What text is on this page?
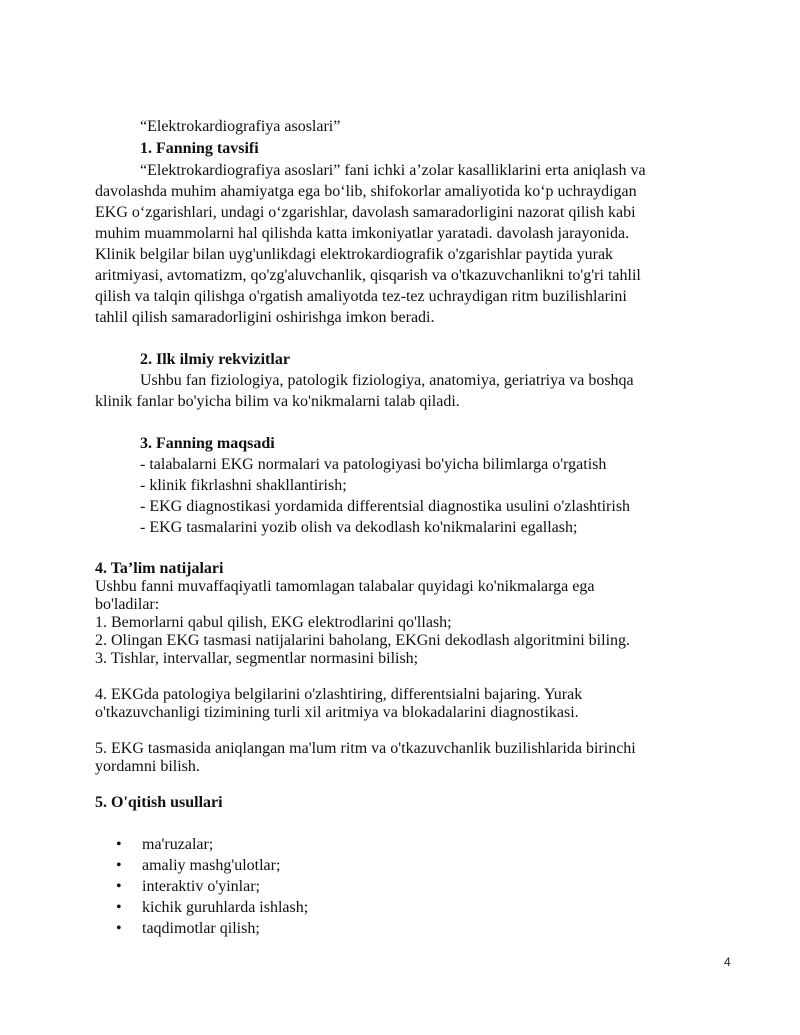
“Elektrokardiografiya asoslari”
1. Fanning tavsifi
“Elektrokardiografiya asoslari” fani ichki a’zolar kasalliklarini erta aniqlash va
davolashda muhim ahamiyatga ega bo‘lib, shifokorlar amaliyotida ko‘p uchraydigan
EKG o‘zgarishlari, undagi o‘zgarishlar, davolash samaradorligini nazorat qilish kabi
muhim muammolarni hal qilishda katta imkoniyatlar yaratadi. davolash jarayonida.
Klinik belgilar bilan uyg'unlikdagi elektrokardiografik o'zgarishlar paytida yurak
aritmiyasi, avtomatizm, qo'zg'aluvchanlik, qisqarish va o'tkazuvchanlikni to'g'ri tahlil
qilish va talqin qilishga o'rgatish amaliyotda tez-tez uchraydigan ritm buzilishlarini
tahlil qilish samaradorligini oshirishga imkon beradi.
2. Ilk ilmiy rekvizitlar
Ushbu fan fiziologiya, patologik fiziologiya, anatomiya, geriatriya va boshqa
klinik fanlar bo'yicha bilim va ko'nikmalarni talab qiladi.
3. Fanning maqsadi
- talabalarni EKG normalari va patologiyasi bo'yicha bilimlarga o'rgatish
- klinik fikrlashni shakllantirish;
- EKG diagnostikasi yordamida differentsial diagnostika usulini o'zlashtirish
- EKG tasmalarini yozib olish va dekodlash ko'nikmalarini egallash;
4. Ta’lim natijalari
Ushbu fanni muvaffaqiyatli tamomlagan talabalar quyidagi ko'nikmalarga ega
bo'ladilar:
1. Bemorlarni qabul qilish, EKG elektrodlarini qo'llash;
2. Olingan EKG tasmasi natijalarini baholang, EKGni dekodlash algoritmini biling.
3. Tishlar, intervallar, segmentlar normasini bilish;
4. EKGda patologiya belgilarini o'zlashtiring, differentsialni bajaring. Yurak
o'tkazuvchanligi tizimining turli xil aritmiya va blokadalarini diagnostikasi.
5. EKG tasmasida aniqlangan ma'lum ritm va o'tkazuvchanlik buzilishlarida birinchi
yordamni bilish.
5. O'qitish usullari
• ma'ruzalar;
• amaliy mashg'ulotlar;
• interaktiv o'yinlar;
• kichik guruhlarda ishlash;
• taqdimotlar qilish;
4
